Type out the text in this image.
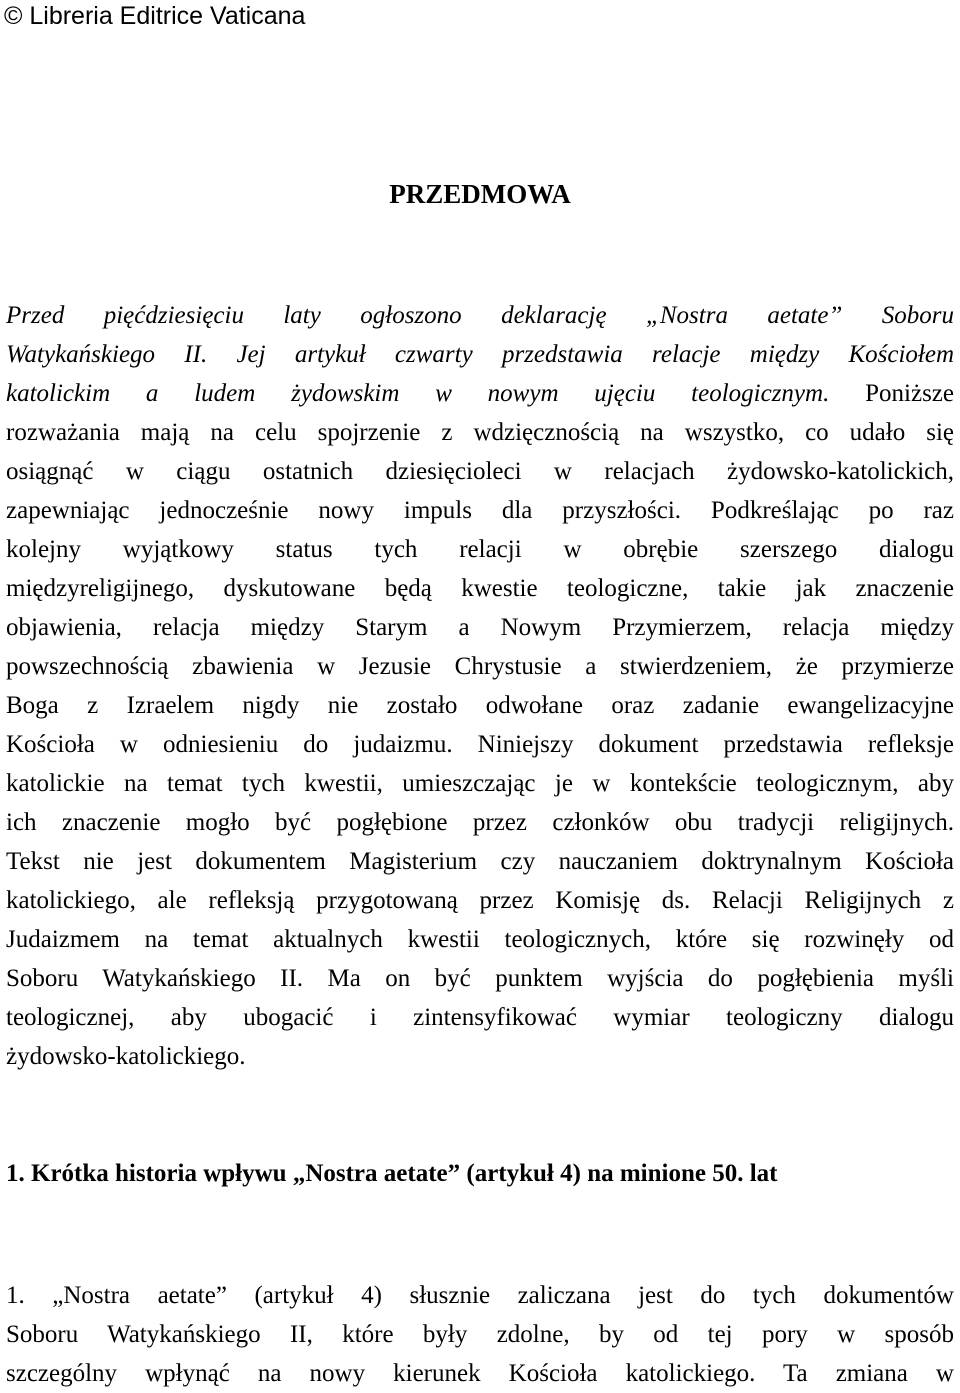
© Libreria Editrice Vaticana
PRZEDMOWA
Przed pięćdziesięciu laty ogłoszono deklarację „Nostra aetate” Soboru
Watykańskiego II. Jej artykuł czwarty przedstawia relacje między Kościołem
katolickim a ludem żydowskim w nowym ujęciu teologicznym. Poniższe
rozważania mają na celu spojrzenie z wdzięcznością na wszystko, co udało się
osiągnąć w ciągu ostatnich dziesięcioleci w relacjach żydowsko-katolickich,
zapewniając jednocześnie nowy impuls dla przyszłości. Podkreślając po raz
kolejny wyjątkowy status tych relacji w obrębie szerszego dialogu
międzyreligijnego, dyskutowane będą kwestie teologiczne, takie jak znaczenie
objawienia, relacja między Starym a Nowym Przymierzem, relacja między
powszechnością zbawienia w Jezusie Chrystusie a stwierdzeniem, że przymierze
Boga z Izraelem nigdy nie zostało odwołane oraz zadanie ewangelizacyjne
Kościoła w odniesieniu do judaizmu. Niniejszy dokument przedstawia refleksje
katolickie na temat tych kwestii, umieszczając je w kontekście teologicznym, aby
ich znaczenie mogło być pogłębione przez członków obu tradycji religijnych.
Tekst nie jest dokumentem Magisterium czy nauczaniem doktrynalnym Kościoła
katolickiego, ale refleksją przygotowaną przez Komisję ds. Relacji Religijnych z
Judaizmem na temat aktualnych kwestii teologicznych, które się rozwinęły od
Soboru Watykańskiego II. Ma on być punktem wyjścia do pogłębienia myśli
teologicznej, aby ubogacić i zintensyfikować wymiar teologiczny dialogu
żydowsko-katolickiego.
1. Krótka historia wpływu „Nostra aetate” (artykuł 4) na minione 50. lat
1. „Nostra aetate” (artykuł 4) słusznie zaliczana jest do tych dokumentów
Soboru Watykańskiego II, które były zdolne, by od tej pory w sposób
szczególny wpłynąć na nowy kierunek Kościoła katolickiego. Ta zmiana w
